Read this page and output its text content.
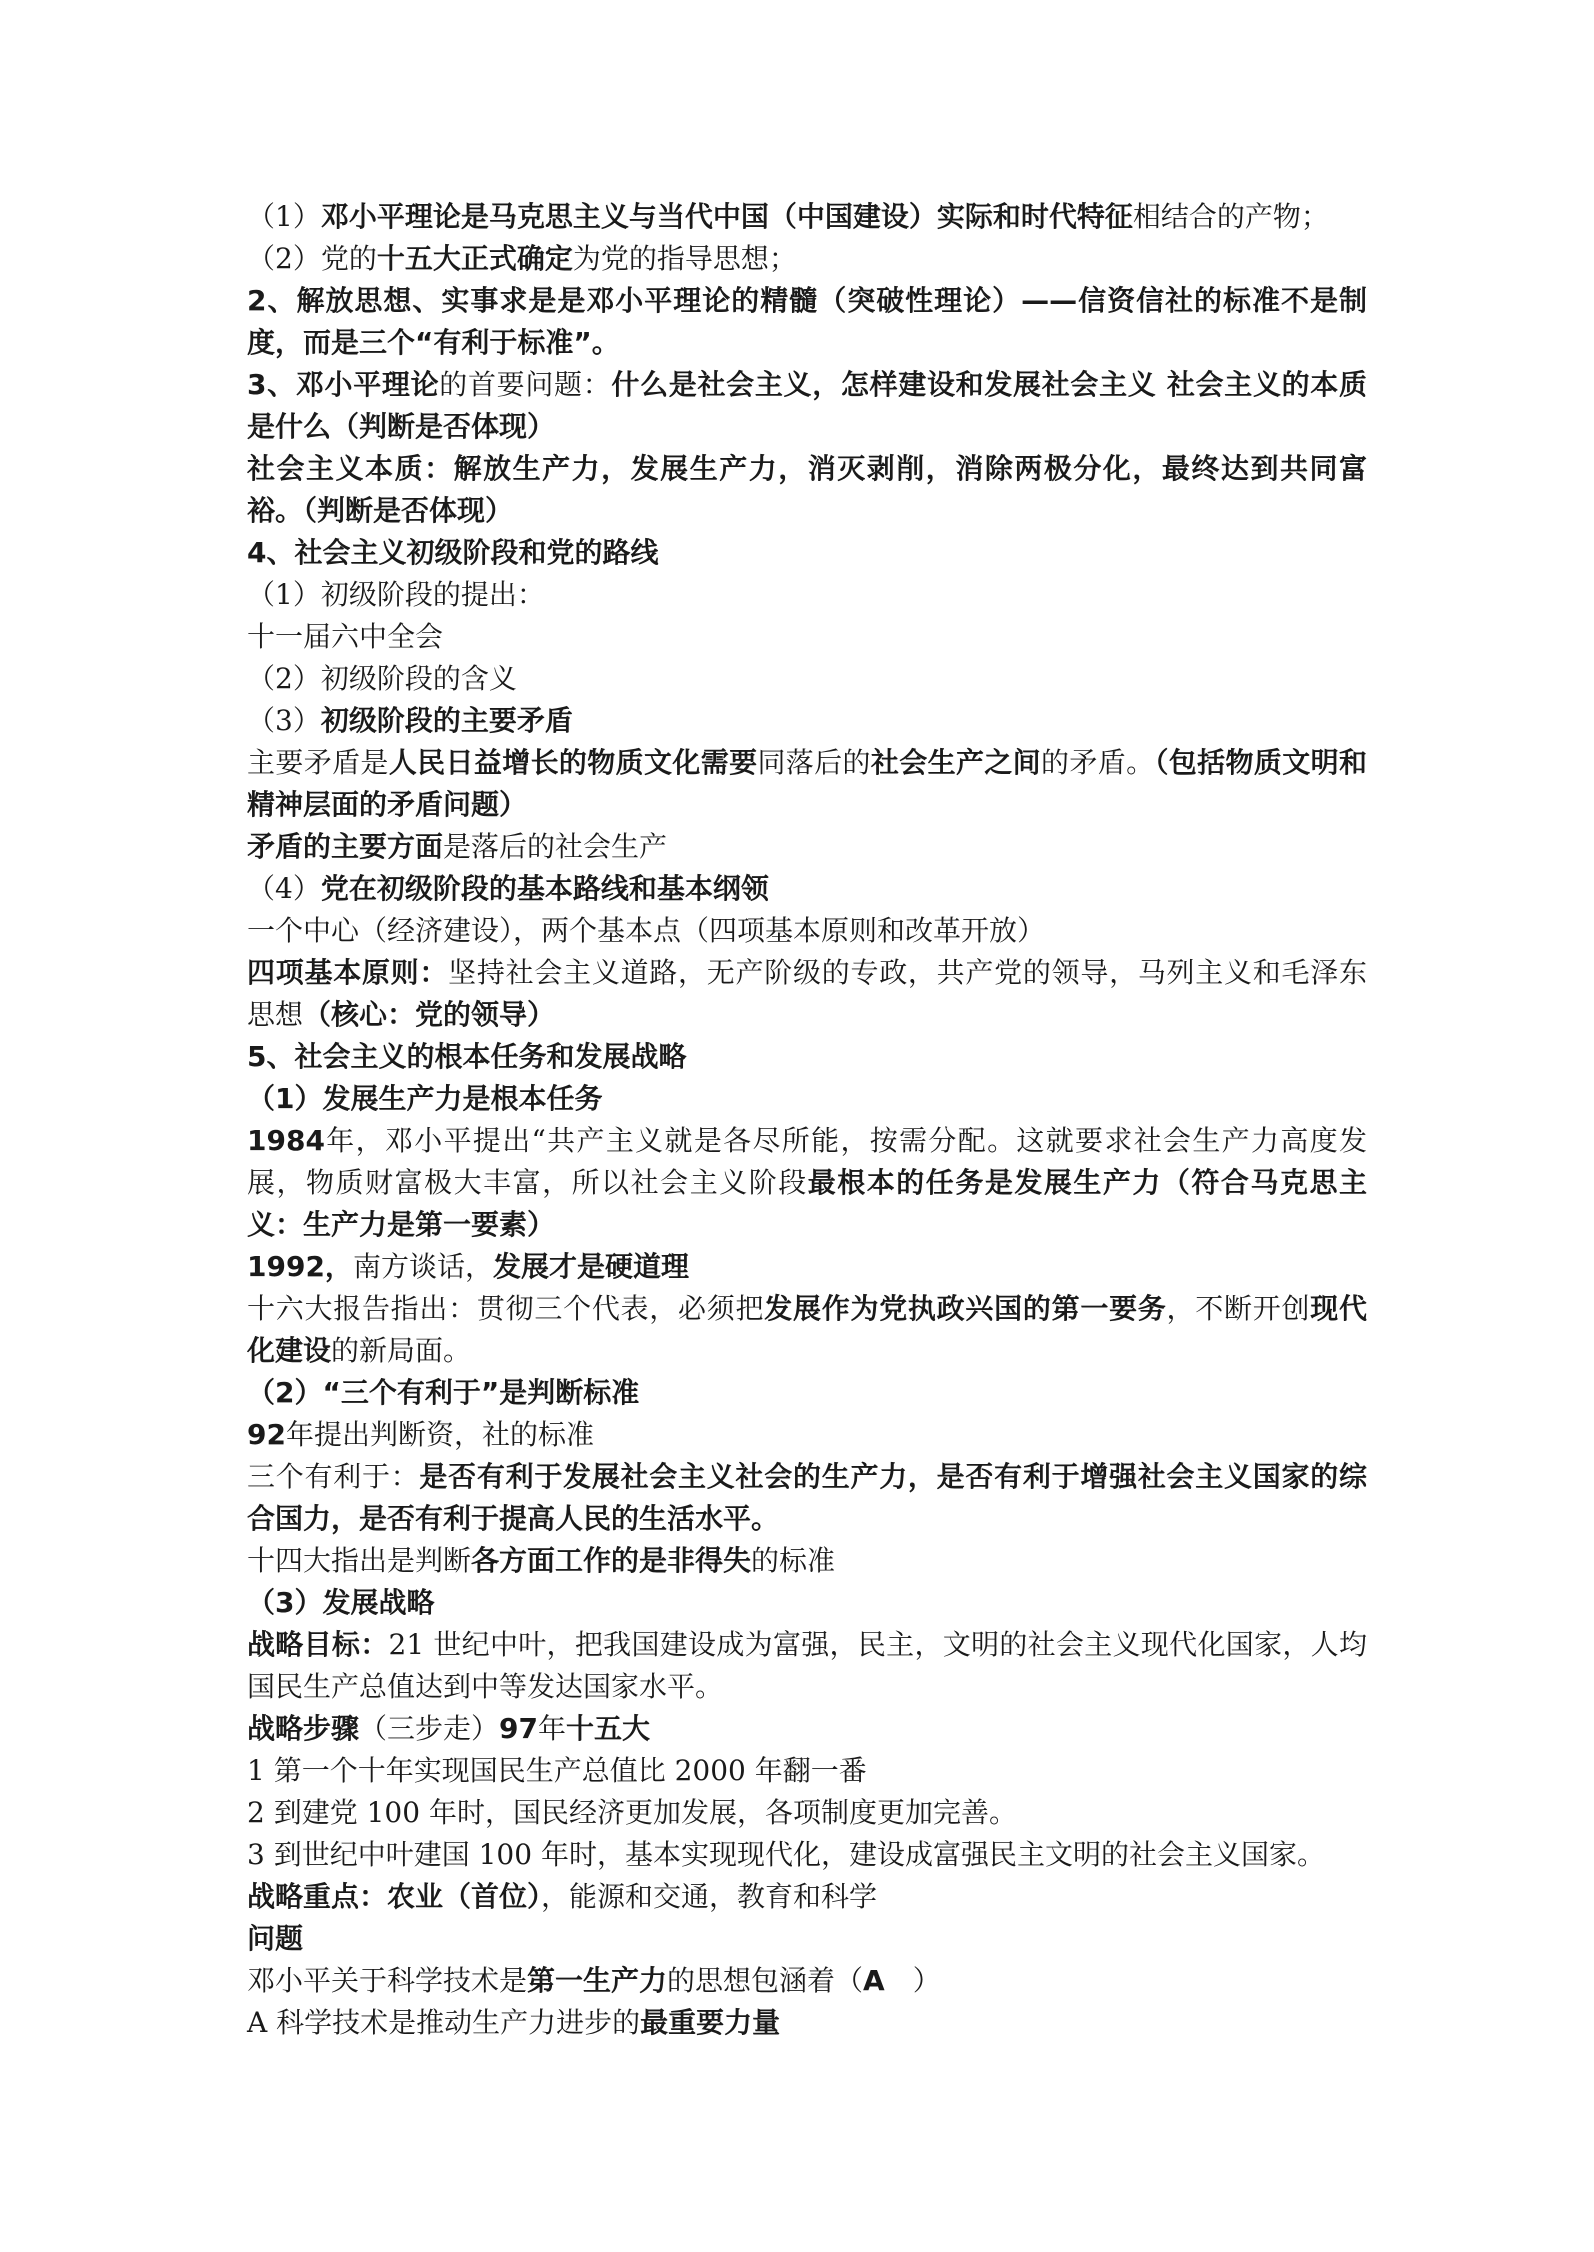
（1）邓小平理论是马克思主义与当代中国（中国建设）实际和时代特征相结合的产物；

（2）党的十五大正式确定为党的指导思想；

2、解放思想、实事求是是邓小平理论的精髓（突破性理论）——信资信社的标准不是制度，而是三个“有利于标准”。

3、邓小平理论的首要问题：什么是社会主义，怎样建设和发展社会主义 社会主义的本质是什么（判断是否体现）

社会主义本质：解放生产力，发展生产力，消灭剥削，消除两极分化，最终达到共同富裕。（判断是否体现）

4、社会主义初级阶段和党的路线

（1）初级阶段的提出：

十一届六中全会

（2）初级阶段的含义

（3）初级阶段的主要矛盾

主要矛盾是人民日益增长的物质文化需要同落后的社会生产之间的矛盾。（包括物质文明和精神层面的矛盾问题）

矛盾的主要方面是落后的社会生产

（4）党在初级阶段的基本路线和基本纲领

一个中心（经济建设），两个基本点（四项基本原则和改革开放）

四项基本原则：坚持社会主义道路，无产阶级的专政，共产党的领导，马列主义和毛泽东思想（核心：党的领导）

5、社会主义的根本任务和发展战略

（1）发展生产力是根本任务

1984年，邓小平提出“共产主义就是各尽所能，按需分配。这就要求社会生产力高度发展，物质财富极大丰富，所以社会主义阶段最根本的任务是发展生产力（符合马克思主义：生产力是第一要素）

1992，南方谈话，发展才是硬道理

十六大报告指出：贯彻三个代表，必须把发展作为党执政兴国的第一要务，不断开创现代化建设的新局面。

（2）“三个有利于”是判断标准

92年提出判断资，社的标准

三个有利于：是否有利于发展社会主义社会的生产力，是否有利于增强社会主义国家的综合国力，是否有利于提高人民的生活水平。

十四大指出是判断各方面工作的是非得失的标准

（3）发展战略

战略目标：21 世纪中叶，把我国建设成为富强，民主，文明的社会主义现代化国家，人均国民生产总值达到中等发达国家水平。

战略步骤（三步走）97年十五大

1 第一个十年实现国民生产总值比 2000 年翻一番

2 到建党 100 年时，国民经济更加发展，各项制度更加完善。

3 到世纪中叶建国 100 年时，基本实现现代化，建设成富强民主文明的社会主义国家。

战略重点：农业（首位），能源和交通，教育和科学

问题

邓小平关于科学技术是第一生产力的思想包涵着（A　）

A 科学技术是推动生产力进步的最重要力量
